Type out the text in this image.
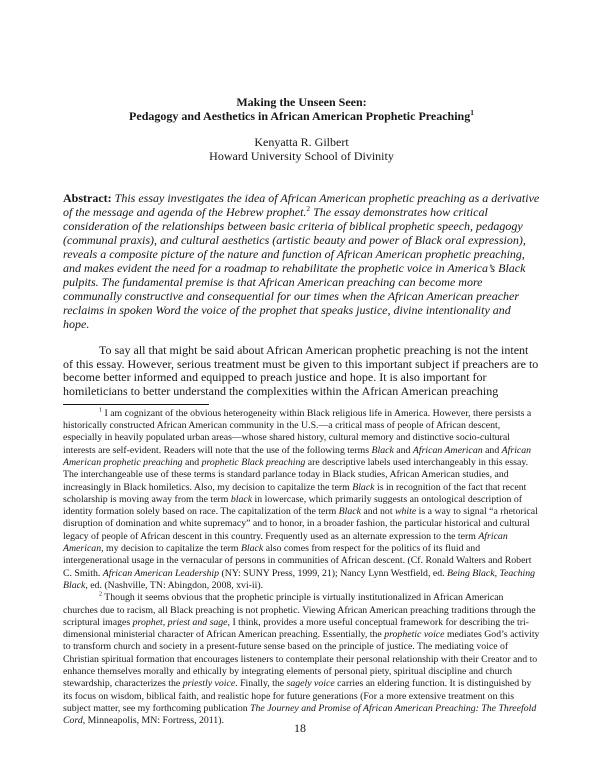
Making the Unseen Seen:
Pedagogy and Aesthetics in African American Prophetic Preaching$^1$
Kenyatta R. Gilbert
Howard University School of Divinity

Abstract: This essay investigates the idea of African American prophetic preaching as a derivative of the message and agenda of the Hebrew prophet.$^2$ The essay demonstrates how critical consideration of the relationships between basic criteria of biblical prophetic speech, pedagogy (communal praxis), and cultural aesthetics (artistic beauty and power of Black oral expression), reveals a composite picture of the nature and function of African American prophetic preaching, and makes evident the need for a roadmap to rehabilitate the prophetic voice in America’s Black pulpits. The fundamental premise is that African American preaching can become more communally constructive and consequential for our times when the African American preacher reclaims in spoken Word the voice of the prophet that speaks justice, divine intentionality and hope.

To say all that might be said about African American prophetic preaching is not the intent of this essay. However, serious treatment must be given to this important subject if preachers are to become better informed and equipped to preach justice and hope. It is also important for homileticians to better understand the complexities within the African American preaching

$^1$ I am cognizant of the obvious heterogeneity within Black religious life in America. However, there persists a historically constructed African American community in the U.S.—a critical mass of people of African descent, especially in heavily populated urban areas—whose shared history, cultural memory and distinctive socio-cultural interests are self-evident. Readers will note that the use of the following terms Black and African American and African American prophetic preaching and prophetic Black preaching are descriptive labels used interchangeably in this essay. The interchangeable use of these terms is standard parlance today in Black studies, African American studies, and increasingly in Black homiletics. Also, my decision to capitalize the term Black is in recognition of the fact that recent scholarship is moving away from the term black in lowercase, which primarily suggests an ontological description of identity formation solely based on race. The capitalization of the term Black and not white is a way to signal “a rhetorical disruption of domination and white supremacy” and to honor, in a broader fashion, the particular historical and cultural legacy of people of African descent in this country. Frequently used as an alternate expression to the term African American, my decision to capitalize the term Black also comes from respect for the politics of its fluid and intergenerational usage in the vernacular of persons in communities of African descent. (Cf. Ronald Walters and Robert C. Smith. African American Leadership (NY: SUNY Press, 1999, 21); Nancy Lynn Westfield, ed. Being Black, Teaching Black, ed. (Nashville, TN: Abingdon, 2008, xvi-ii).

$^2$ Though it seems obvious that the prophetic principle is virtually institutionalized in African American churches due to racism, all Black preaching is not prophetic. Viewing African American preaching traditions through the scriptural images prophet, priest and sage, I think, provides a more useful conceptual framework for describing the tri-dimensional ministerial character of African American preaching. Essentially, the prophetic voice mediates God’s activity to transform church and society in a present-future sense based on the principle of justice. The mediating voice of Christian spiritual formation that encourages listeners to contemplate their personal relationship with their Creator and to enhance themselves morally and ethically by integrating elements of personal piety, spiritual discipline and church stewardship, characterizes the priestly voice. Finally, the sagely voice carries an eldering function. It is distinguished by its focus on wisdom, biblical faith, and realistic hope for future generations (For a more extensive treatment on this subject matter, see my forthcoming publication The Journey and Promise of African American Preaching: The Threefold Cord, Minneapolis, MN: Fortress, 2011).

18
